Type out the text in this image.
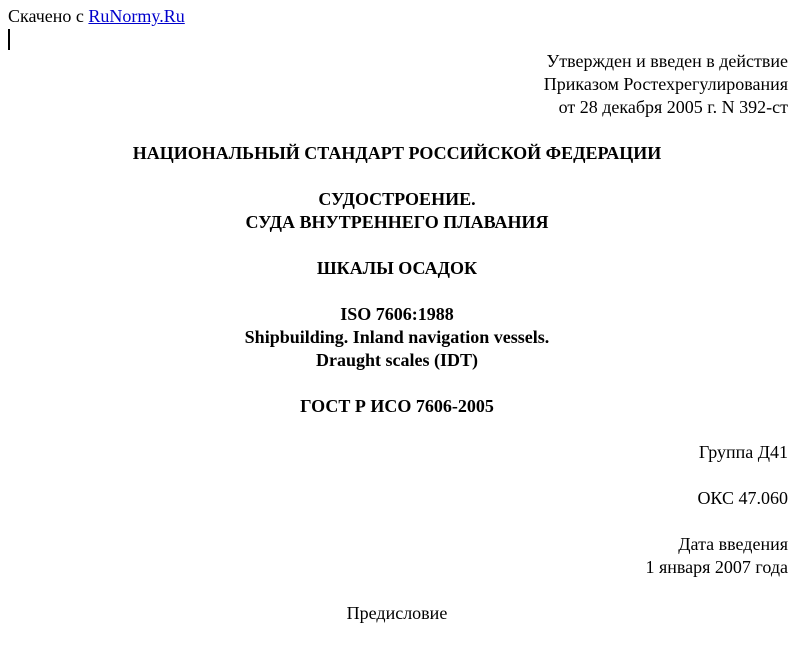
Скачено с RuNormy.Ru
Утвержден и введен в действие
Приказом Ростехрегулирования
от 28 декабря 2005 г. N 392-ст
НАЦИОНАЛЬНЫЙ СТАНДАРТ РОССИЙСКОЙ ФЕДЕРАЦИИ
СУДОСТРОЕНИЕ.
СУДА ВНУТРЕННЕГО ПЛАВАНИЯ
ШКАЛЫ ОСАДОК
ISO 7606:1988
Shipbuilding. Inland navigation vessels.
Draught scales (IDT)
ГОСТ Р ИСО 7606-2005
Группа Д41
ОКС 47.060
Дата введения
1 января 2007 года
Предисловие
